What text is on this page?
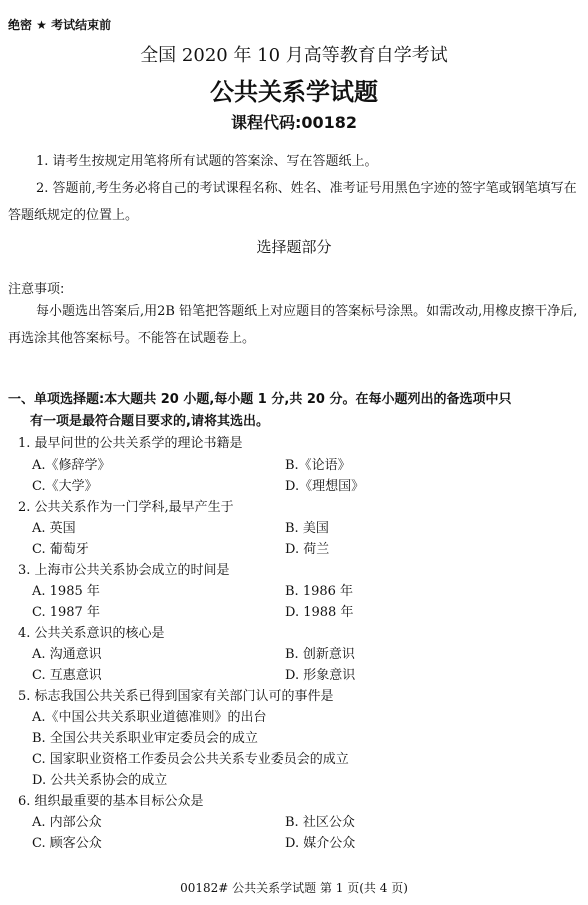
绝密 ★ 考试结束前
全国 2020 年 10 月高等教育自学考试
公共关系学试题
课程代码:00182
1. 请考生按规定用笔将所有试题的答案涂、写在答题纸上。
2. 答题前,考生务必将自己的考试课程名称、姓名、准考证号用黑色字迹的签字笔或钢笔填写在答题纸规定的位置上。
选择题部分
注意事项:
每小题选出答案后,用2B 铅笔把答题纸上对应题目的答案标号涂黑。如需改动,用橡皮擦干净后,再选涂其他答案标号。不能答在试题卷上。
一、单项选择题:本大题共 20 小题,每小题 1 分,共 20 分。在每小题列出的备选项中只
有一项是最符合题目要求的,请将其选出。
1. 最早问世的公共关系学的理论书籍是
A.《修辞学》	B.《论语》
C.《大学》	D.《理想国》
2. 公共关系作为一门学科,最早产生于
A. 英国	B. 美国
C. 葡萄牙	D. 荷兰
3. 上海市公共关系协会成立的时间是
A. 1985 年	B. 1986 年
C. 1987 年	D. 1988 年
4. 公共关系意识的核心是
A. 沟通意识	B. 创新意识
C. 互惠意识	D. 形象意识
5. 标志我国公共关系已得到国家有关部门认可的事件是
A.《中国公共关系职业道德准则》的出台
B. 全国公共关系职业审定委员会的成立
C. 国家职业资格工作委员会公共关系专业委员会的成立
D. 公共关系协会的成立
6. 组织最重要的基本目标公众是
A. 内部公众	B. 社区公众
C. 顾客公众	D. 媒介公众
00182# 公共关系学试题 第 1 页(共 4 页)
